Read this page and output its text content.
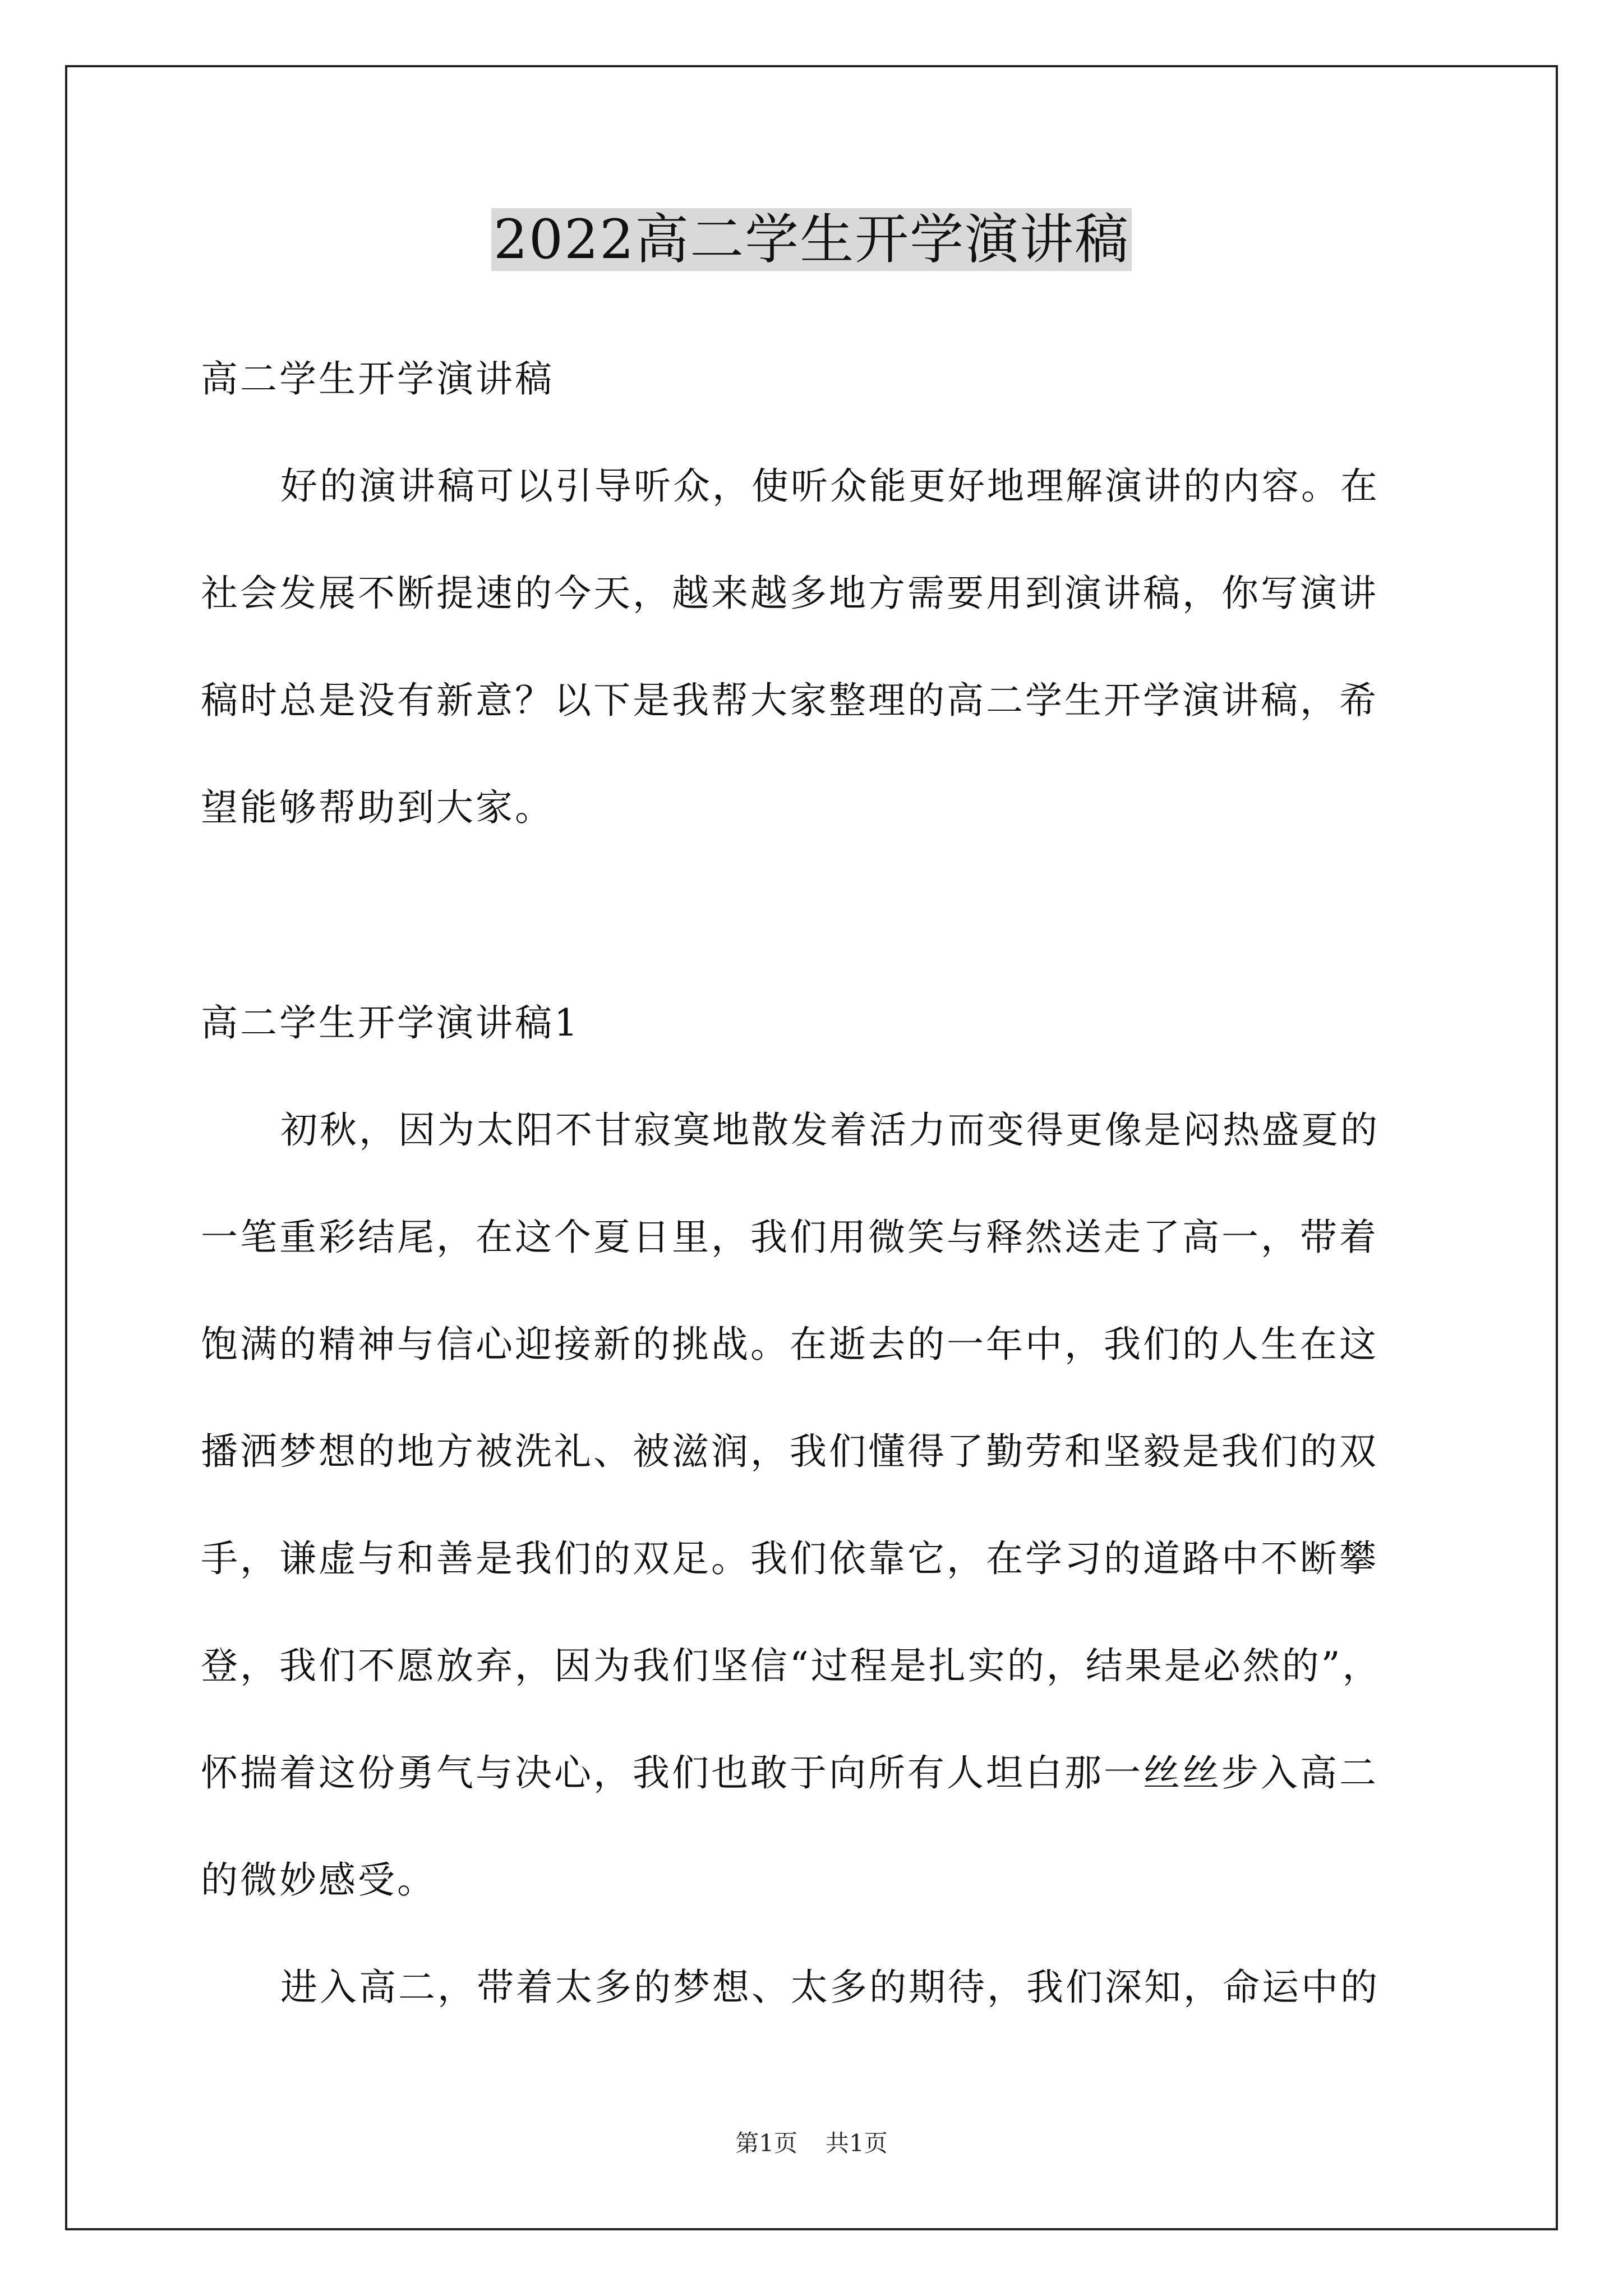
2022高二学生开学演讲稿
高二学生开学演讲稿
好的演讲稿可以引导听众，使听众能更好地理解演讲的内容。在
社会发展不断提速的今天，越来越多地方需要用到演讲稿，你写演讲
稿时总是没有新意？以下是我帮大家整理的高二学生开学演讲稿，希
望能够帮助到大家。
高二学生开学演讲稿1
初秋，因为太阳不甘寂寞地散发着活力而变得更像是闷热盛夏的
一笔重彩结尾，在这个夏日里，我们用微笑与释然送走了高一，带着
饱满的精神与信心迎接新的挑战。在逝去的一年中，我们的人生在这
播洒梦想的地方被洗礼、被滋润，我们懂得了勤劳和坚毅是我们的双
手，谦虚与和善是我们的双足。我们依靠它，在学习的道路中不断攀
登，我们不愿放弃，因为我们坚信“过程是扎实的，结果是必然的”，
怀揣着这份勇气与决心，我们也敢于向所有人坦白那一丝丝步入高二
的微妙感受。
进入高二，带着太多的梦想、太多的期待，我们深知，命运中的
第1页 共1页
